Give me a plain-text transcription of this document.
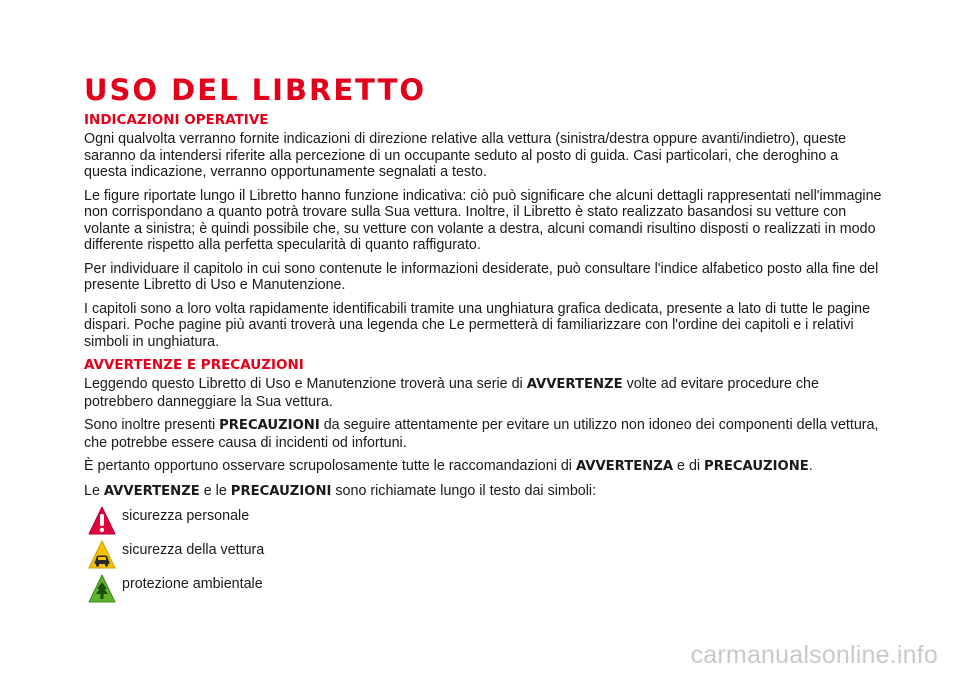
USO DEL LIBRETTO
INDICAZIONI OPERATIVE

Ogni qualvolta verranno fornite indicazioni di direzione relative alla vettura (sinistra/destra oppure avanti/indietro), queste saranno da intendersi riferite alla percezione di un occupante seduto al posto di guida. Casi particolari, che deroghino a questa indicazione, verranno opportunamente segnalati a testo.

Le figure riportate lungo il Libretto hanno funzione indicativa: ciò può significare che alcuni dettagli rappresentati nell'immagine non corrispondano a quanto potrà trovare sulla Sua vettura. Inoltre, il Libretto è stato realizzato basandosi su vetture con volante a sinistra; è quindi possibile che, su vetture con volante a destra, alcuni comandi risultino disposti o realizzati in modo differente rispetto alla perfetta specularità di quanto raffigurato.

Per individuare il capitolo in cui sono contenute le informazioni desiderate, può consultare l'indice alfabetico posto alla fine del presente Libretto di Uso e Manutenzione.

I capitoli sono a loro volta rapidamente identificabili tramite una unghiatura grafica dedicata, presente a lato di tutte le pagine dispari. Poche pagine più avanti troverà una legenda che Le permetterà di familiarizzare con l'ordine dei capitoli e i relativi simboli in unghiatura.

AVVERTENZE E PRECAUZIONI

Leggendo questo Libretto di Uso e Manutenzione troverà una serie di AVVERTENZE volte ad evitare procedure che potrebbero danneggiare la Sua vettura.

Sono inoltre presenti PRECAUZIONI da seguire attentamente per evitare un utilizzo non idoneo dei componenti della vettura, che potrebbe essere causa di incidenti od infortuni.

È pertanto opportuno osservare scrupolosamente tutte le raccomandazioni di AVVERTENZA e di PRECAUZIONE.

Le AVVERTENZE e le PRECAUZIONI sono richiamate lungo il testo dai simboli:

sicurezza personale
sicurezza della vettura
protezione ambientale
carmanualsonline.info
